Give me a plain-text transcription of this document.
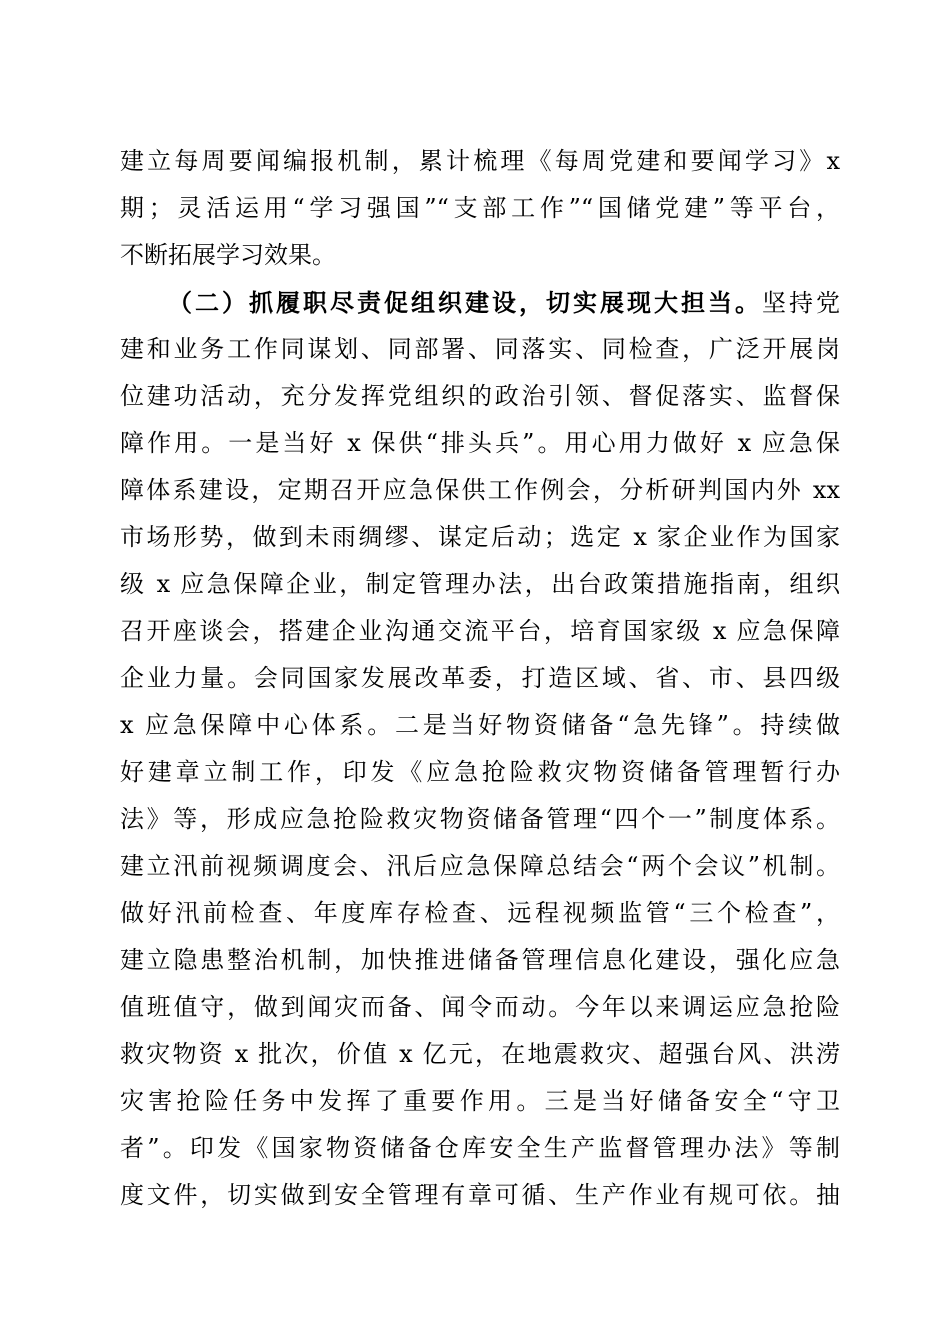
建立每周要闻编报机制，累计梳理《每周党建和要闻学习》x
期；灵活运用“学习强国”“支部工作”“国储党建”等平台，
不断拓展学习效果。
（二）抓履职尽责促组织建设，切实展现大担当。坚持党
建和业务工作同谋划、同部署、同落实、同检查，广泛开展岗
位建功活动，充分发挥党组织的政治引领、督促落实、监督保
障作用。一是当好 x 保供“排头兵”。用心用力做好 x 应急保
障体系建设，定期召开应急保供工作例会，分析研判国内外 xx
市场形势，做到未雨绸缪、谋定后动；选定 x 家企业作为国家
级 x 应急保障企业，制定管理办法，出台政策措施指南，组织
召开座谈会，搭建企业沟通交流平台，培育国家级 x 应急保障
企业力量。会同国家发展改革委，打造区域、省、市、县四级
x 应急保障中心体系。二是当好物资储备“急先锋”。持续做
好建章立制工作，印发《应急抢险救灾物资储备管理暂行办
法》等，形成应急抢险救灾物资储备管理“四个一”制度体系。
建立汛前视频调度会、汛后应急保障总结会“两个会议”机制。
做好汛前检查、年度库存检查、远程视频监管“三个检查”，
建立隐患整治机制，加快推进储备管理信息化建设，强化应急
值班值守，做到闻灾而备、闻令而动。今年以来调运应急抢险
救灾物资 x 批次，价值 x 亿元，在地震救灾、超强台风、洪涝
灾害抢险任务中发挥了重要作用。三是当好储备安全“守卫
者”。印发《国家物资储备仓库安全生产监督管理办法》等制
度文件，切实做到安全管理有章可循、生产作业有规可依。抽
